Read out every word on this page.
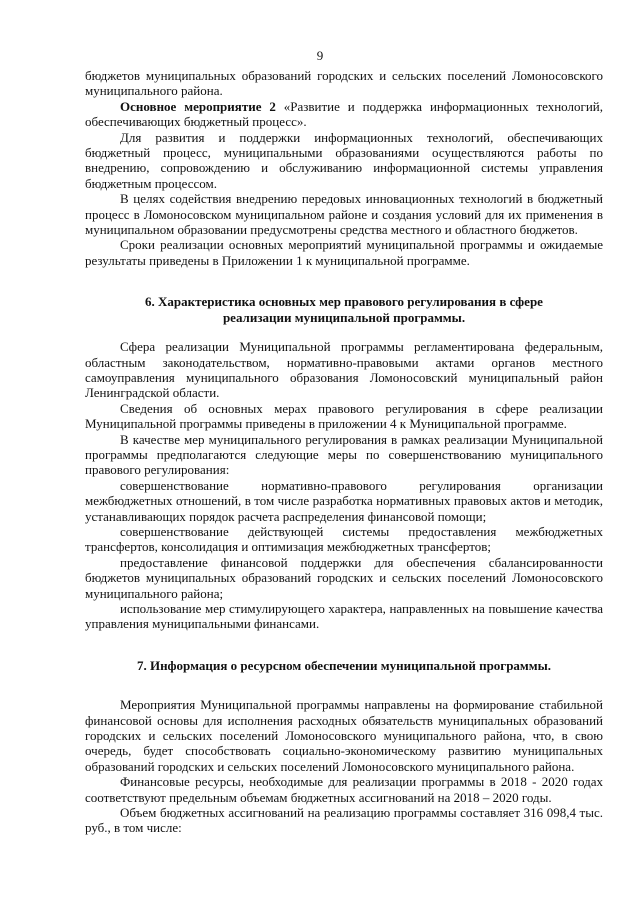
9

бюджетов муниципальных образований городских и сельских поселений Ломоносовского муниципального района.

Основное мероприятие 2 «Развитие и поддержка информационных технологий, обеспечивающих бюджетный процесс».

Для развития и поддержки информационных технологий, обеспечивающих бюджетный процесс, муниципальными образованиями осуществляются работы по внедрению, сопровождению и обслуживанию информационной системы управления бюджетным процессом.

В целях содействия внедрению передовых инновационных технологий в бюджетный процесс в Ломоносовском муниципальном районе и создания условий для их применения в муниципальном образовании предусмотрены средства местного и областного бюджетов.

Сроки реализации основных мероприятий муниципальной программы и ожидаемые результаты приведены в Приложении 1 к муниципальной программе.

6. Характеристика основных мер правового регулирования в сфере
реализации муниципальной программы.

Сфера реализации Муниципальной программы регламентирована федеральным, областным законодательством, нормативно-правовыми актами органов местного самоуправления муниципального образования Ломоносовский муниципальный район Ленинградской области.

Сведения об основных мерах правового регулирования в сфере реализации Муниципальной программы приведены в приложении 4 к Муниципальной программе.

В качестве мер муниципального регулирования в рамках реализации Муниципальной программы предполагаются следующие меры по совершенствованию муниципального правового регулирования:

совершенствование нормативно-правового регулирования организации межбюджетных отношений, в том числе разработка нормативных правовых актов и методик, устанавливающих порядок расчета распределения финансовой помощи;

совершенствование действующей системы предоставления межбюджетных трансфертов, консолидация и оптимизация межбюджетных трансфертов;

предоставление финансовой поддержки для обеспечения сбалансированности бюджетов муниципальных образований городских и сельских поселений Ломоносовского муниципального района;

использование мер стимулирующего характера, направленных на повышение качества управления муниципальными финансами.

7. Информация о ресурсном обеспечении муниципальной программы.

Мероприятия Муниципальной программы направлены на формирование стабильной финансовой основы для исполнения расходных обязательств муниципальных образований городских и сельских поселений Ломоносовского муниципального района, что, в свою очередь, будет способствовать социально-экономическому развитию муниципальных образований городских и сельских поселений Ломоносовского муниципального района.

Финансовые ресурсы, необходимые для реализации программы в 2018 - 2020 годах соответствуют предельным объемам бюджетных ассигнований на 2018 – 2020 годы.

Объем бюджетных ассигнований на реализацию программы составляет 316 098,4 тыс. руб., в том числе:
